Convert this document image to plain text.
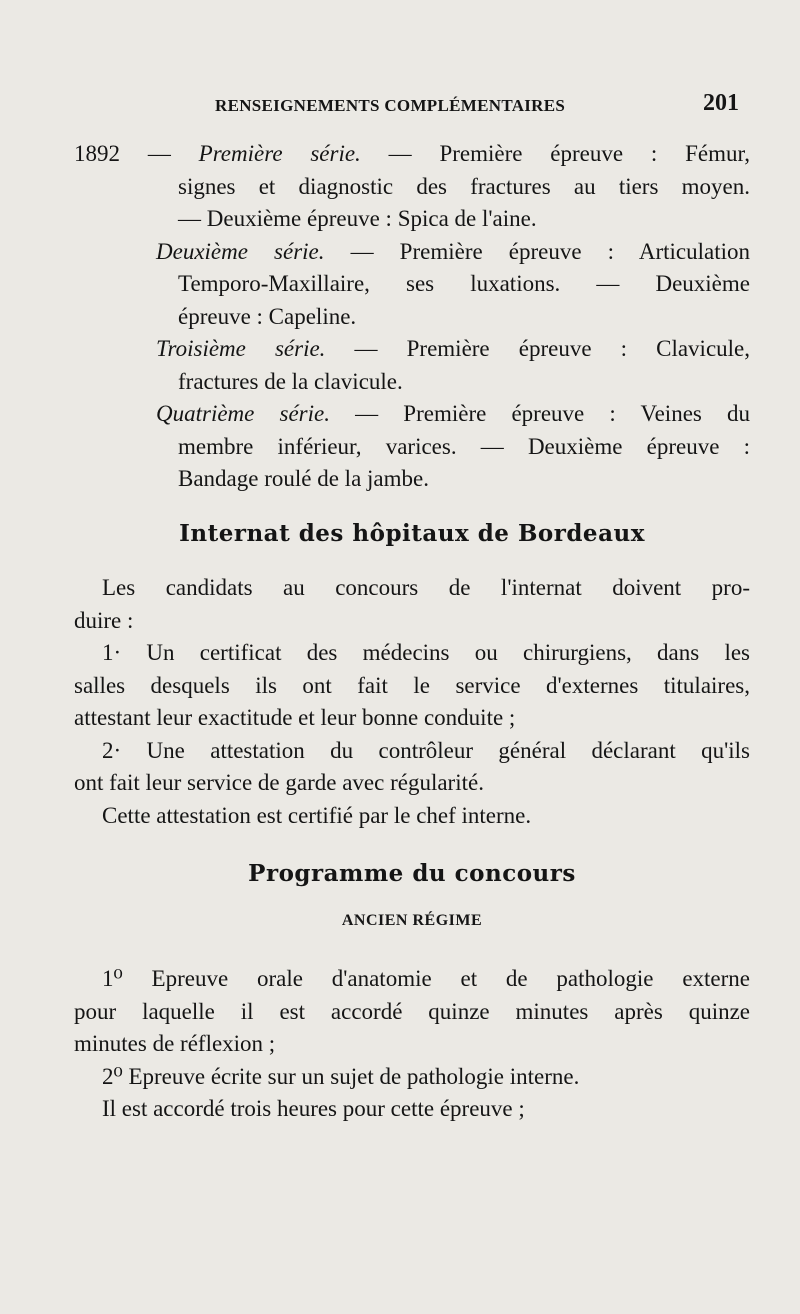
RENSEIGNEMENTS COMPLÉMENTAIRES	201
1892 — Première série. — Première épreuve : Fémur,
signes et diagnostic des fractures au tiers moyen.
— Deuxième épreuve : Spica de l'aine.
Deuxième série. — Première épreuve : Articulation
Temporo-Maxillaire, ses luxations. — Deuxième
épreuve : Capeline.
Troisième série. — Première épreuve : Clavicule,
fractures de la clavicule.
Quatrième série. — Première épreuve : Veines du
membre inférieur, varices. — Deuxième épreuve :
Bandage roulé de la jambe.
Internat des hôpitaux de Bordeaux
Les candidats au concours de l'internat doivent pro-
duire :
1· Un certificat des médecins ou chirurgiens, dans les
salles desquels ils ont fait le service d'externes titulaires,
attestant leur exactitude et leur bonne conduite ;
2· Une attestation du contrôleur général déclarant qu'ils
ont fait leur service de garde avec régularité.
Cette attestation est certifié par le chef interne.
Programme du concours
ANCIEN RÉGIME
1⁰ Epreuve orale d'anatomie et de pathologie externe
pour laquelle il est accordé quinze minutes après quinze
minutes de réflexion ;
2⁰ Epreuve écrite sur un sujet de pathologie interne.
Il est accordé trois heures pour cette épreuve ;
